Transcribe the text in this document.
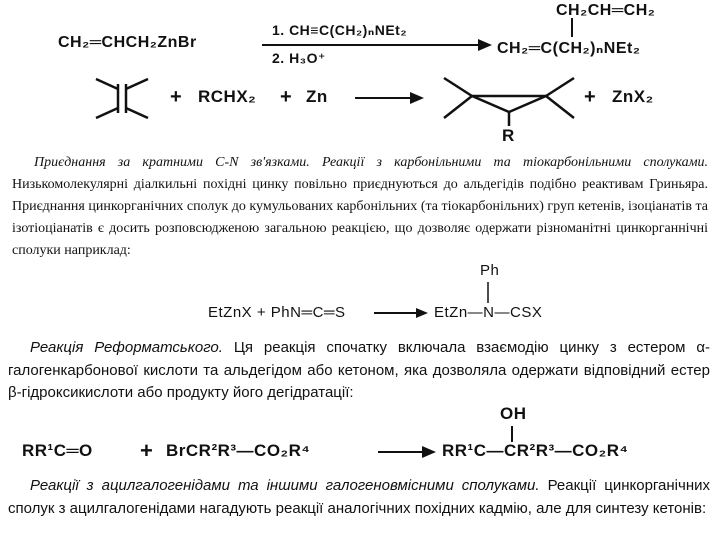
CH₂═CHCH₂ZnBr
1. CH≡C(CH₂)ₙNEt₂
2. H₃O⁺
CH₂CH═CH₂
CH₂═C(CH₂)ₙNEt₂
+ RCHX₂ + Zn	+ ZnX₂
R
Приєднання за кратними С-N зв'язками. Реакції з карбонільними та тіокарбонільними сполуками. Низькомолекулярні діалкильні похідні цинку повільно приєднуються до альдегідів подібно реактивам Гриньяра. Приєднання цинкорганічних сполук до кумульованих карбонільних (та тіокарбонільних) груп кетенів, ізоціанатів та ізотіоціанатів є досить розповсюдженою загальною реакцією, що дозволяє одержати різноманітні цинкорганнічні сполуки наприклад:
Ph
EtZnX + PhN═C═S	EtZn—N—CSX
Реакція Реформатського. Ця реакція спочатку включала взаємодію цинку з естером α-галогенкарбонової кислоти та альдегідом або кетоном, яка дозволяла одержати відповідний естер β-гідроксикислоти або продукту його дегідратації:
OH
RR¹C═O + BrCR²R³—CO₂R⁴	RR¹C—CR²R³—CO₂R⁴
Реакції з ацилгалогенідами та іншими галогеновмісними сполуками. Реакції цинкорганічних сполук з ацилгалогенідами нагадують реакції аналогічних похідних кадмію, але для синтезу кетонів:
